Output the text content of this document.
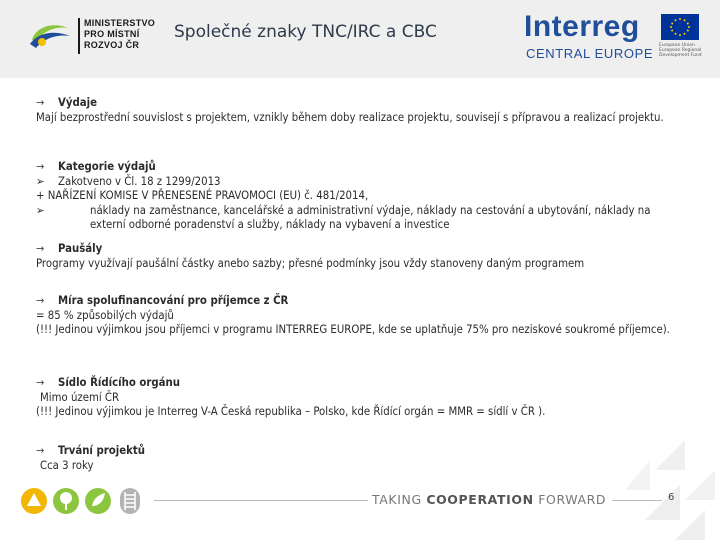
MINISTERSTVO
PRO MÍSTNÍ
ROZVOJ ČR
Společné znaky TNC/IRC a CBC	Interreg
CENTRAL EUROPE
European Union European Regional Development Fund
→	Výdaje
Mají bezprostřední souvislost s projektem, vznikly během doby realizace projektu, souvisejí s přípravou a realizací projektu.
→	Kategorie výdajů
➢	Zakotveno v Čl. 18 z 1299/2013
+ NAŘÍZENÍ KOMISE V PŘENESENÉ PRAVOMOCI (EU) č. 481/2014,
➢	náklady na zaměstnance, kancelářské a administrativní výdaje, náklady na cestování a ubytování, náklady na externí odborné poradenství a služby, náklady na vybavení a investice
→	Paušály
Programy využívají paušální částky anebo sazby; přesné podmínky jsou vždy stanoveny daným programem
→	Míra spolufinancování pro příjemce z ČR
= 85 % způsobilých výdajů
(!!! Jedinou výjimkou jsou příjemci v programu INTERREG EUROPE, kde se uplatňuje 75% pro neziskové soukromé příjemce).
→	Sídlo Řídícího orgánu
Mimo území ČR
(!!! Jedinou výjimkou je Interreg V-A Česká republika – Polsko, kde Řídící orgán = MMR = sídlí v ČR ).
→	Trvání projektů
Cca 3 roky
TAKING COOPERATION FORWARD	6
